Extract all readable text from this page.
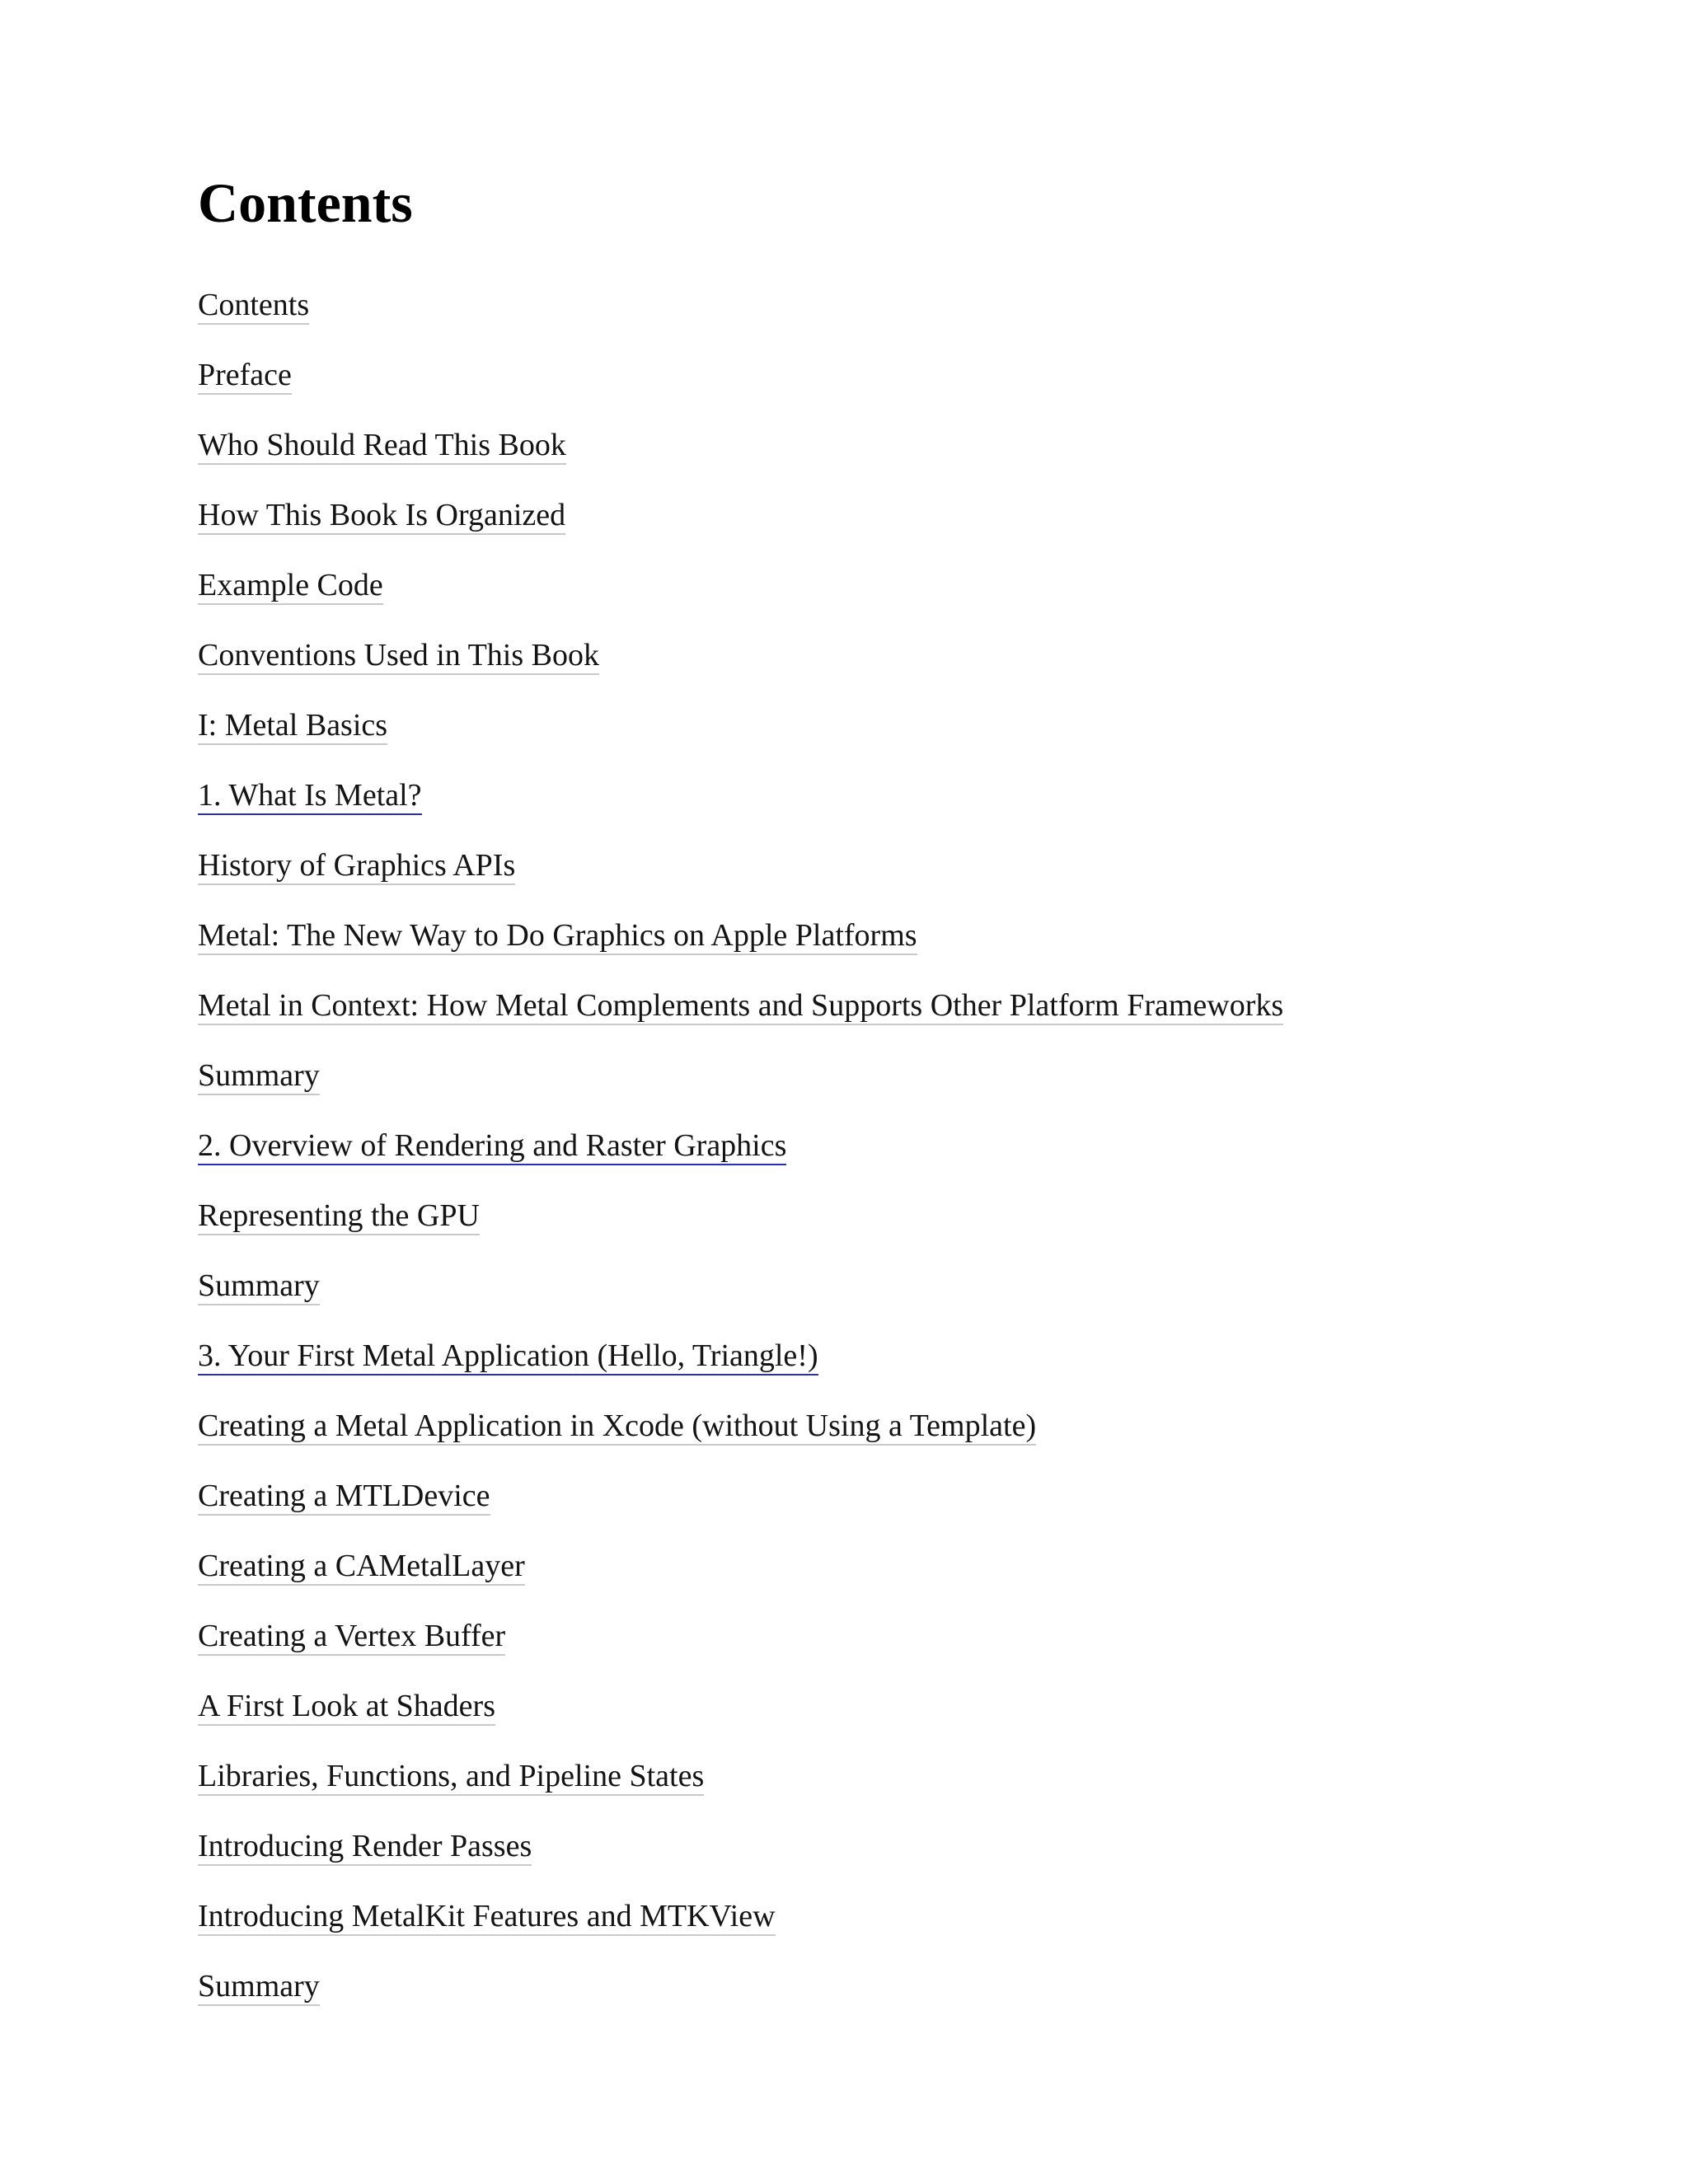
Contents
Contents
Preface
Who Should Read This Book
How This Book Is Organized
Example Code
Conventions Used in This Book
I: Metal Basics
1. What Is Metal?
History of Graphics APIs
Metal: The New Way to Do Graphics on Apple Platforms
Metal in Context: How Metal Complements and Supports Other Platform Frameworks
Summary
2. Overview of Rendering and Raster Graphics
Representing the GPU
Summary
3. Your First Metal Application (Hello, Triangle!)
Creating a Metal Application in Xcode (without Using a Template)
Creating a MTLDevice
Creating a CAMetalLayer
Creating a Vertex Buffer
A First Look at Shaders
Libraries, Functions, and Pipeline States
Introducing Render Passes
Introducing MetalKit Features and MTKView
Summary
